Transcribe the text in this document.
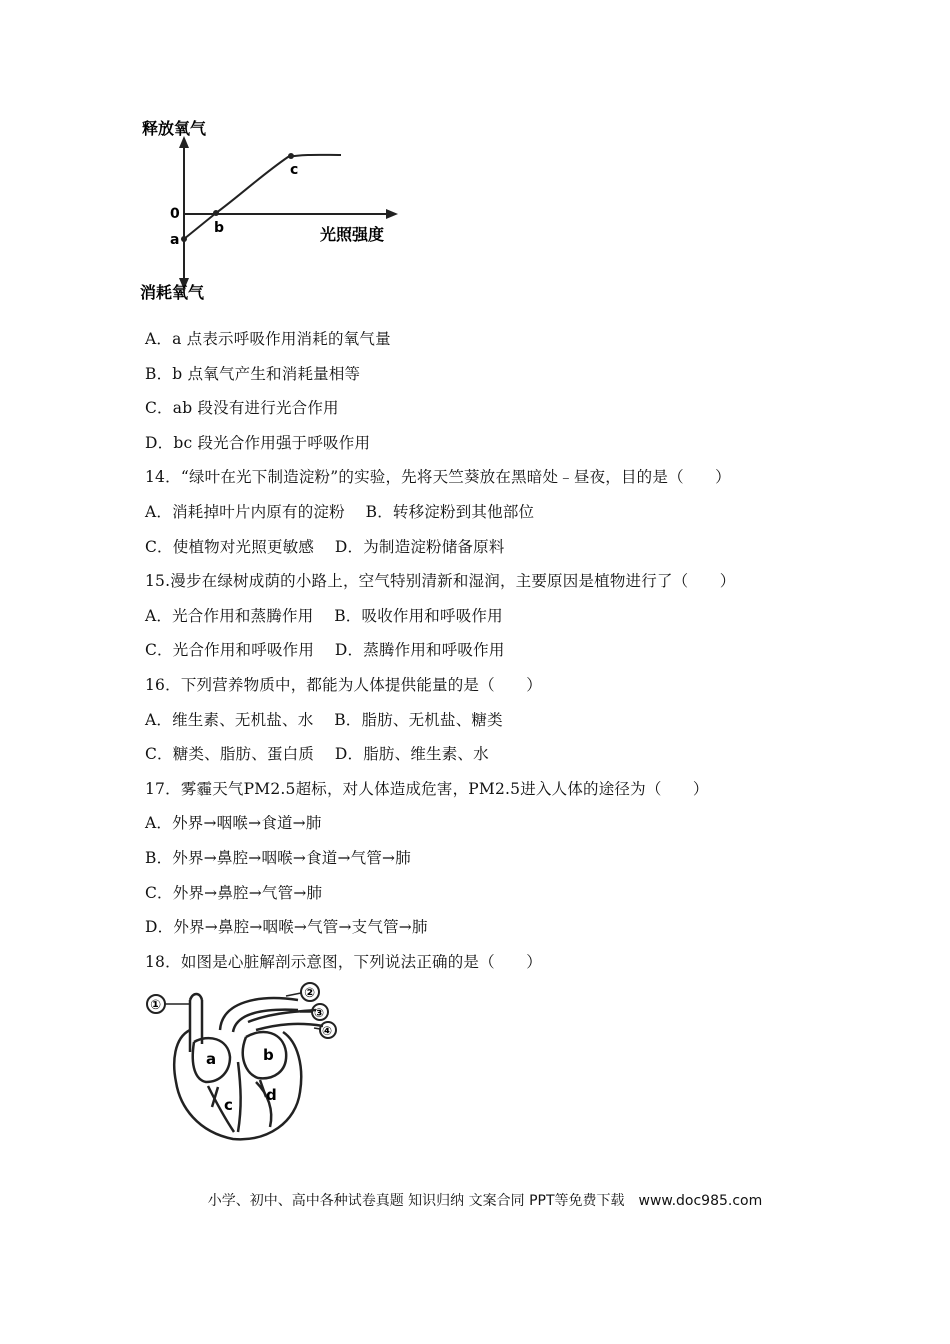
释放氧气
消耗氧气
光照强度
0
a
b
c
A．a 点表示呼吸作用消耗的氧气量
B．b 点氧气产生和消耗量相等
C．ab 段没有进行光合作用
D．bc 段光合作用强于呼吸作用
14．“绿叶在光下制造淀粉”的实验，先将天竺葵放在黑暗处﹣昼夜，目的是（　　）
A．消耗掉叶片内原有的淀粉　 B．转移淀粉到其他部位
C．使植物对光照更敏感　 D．为制造淀粉储备原料
15.漫步在绿树成荫的小路上，空气特别清新和湿润，主要原因是植物进行了（　　）
A．光合作用和蒸腾作用　 B．吸收作用和呼吸作用
C．光合作用和呼吸作用　 D．蒸腾作用和呼吸作用
16．下列营养物质中，都能为人体提供能量的是（　　）
A．维生素、无机盐、水　 B．脂肪、无机盐、糖类
C．糖类、脂肪、蛋白质　 D．脂肪、维生素、水
17．雾霾天气PM2.5超标，对人体造成危害，PM2.5进入人体的途径为（　　）
A．外界→咽喉→食道→肺
B．外界→鼻腔→咽喉→食道→气管→肺
C．外界→鼻腔→气管→肺
D．外界→鼻腔→咽喉→气管→支气管→肺
18．如图是心脏解剖示意图，下列说法正确的是（　　）
①
②
③
④
a	b
c
d
小学、初中、高中各种试卷真题 知识归纳 文案合同 PPT等免费下载　www.doc985.com
